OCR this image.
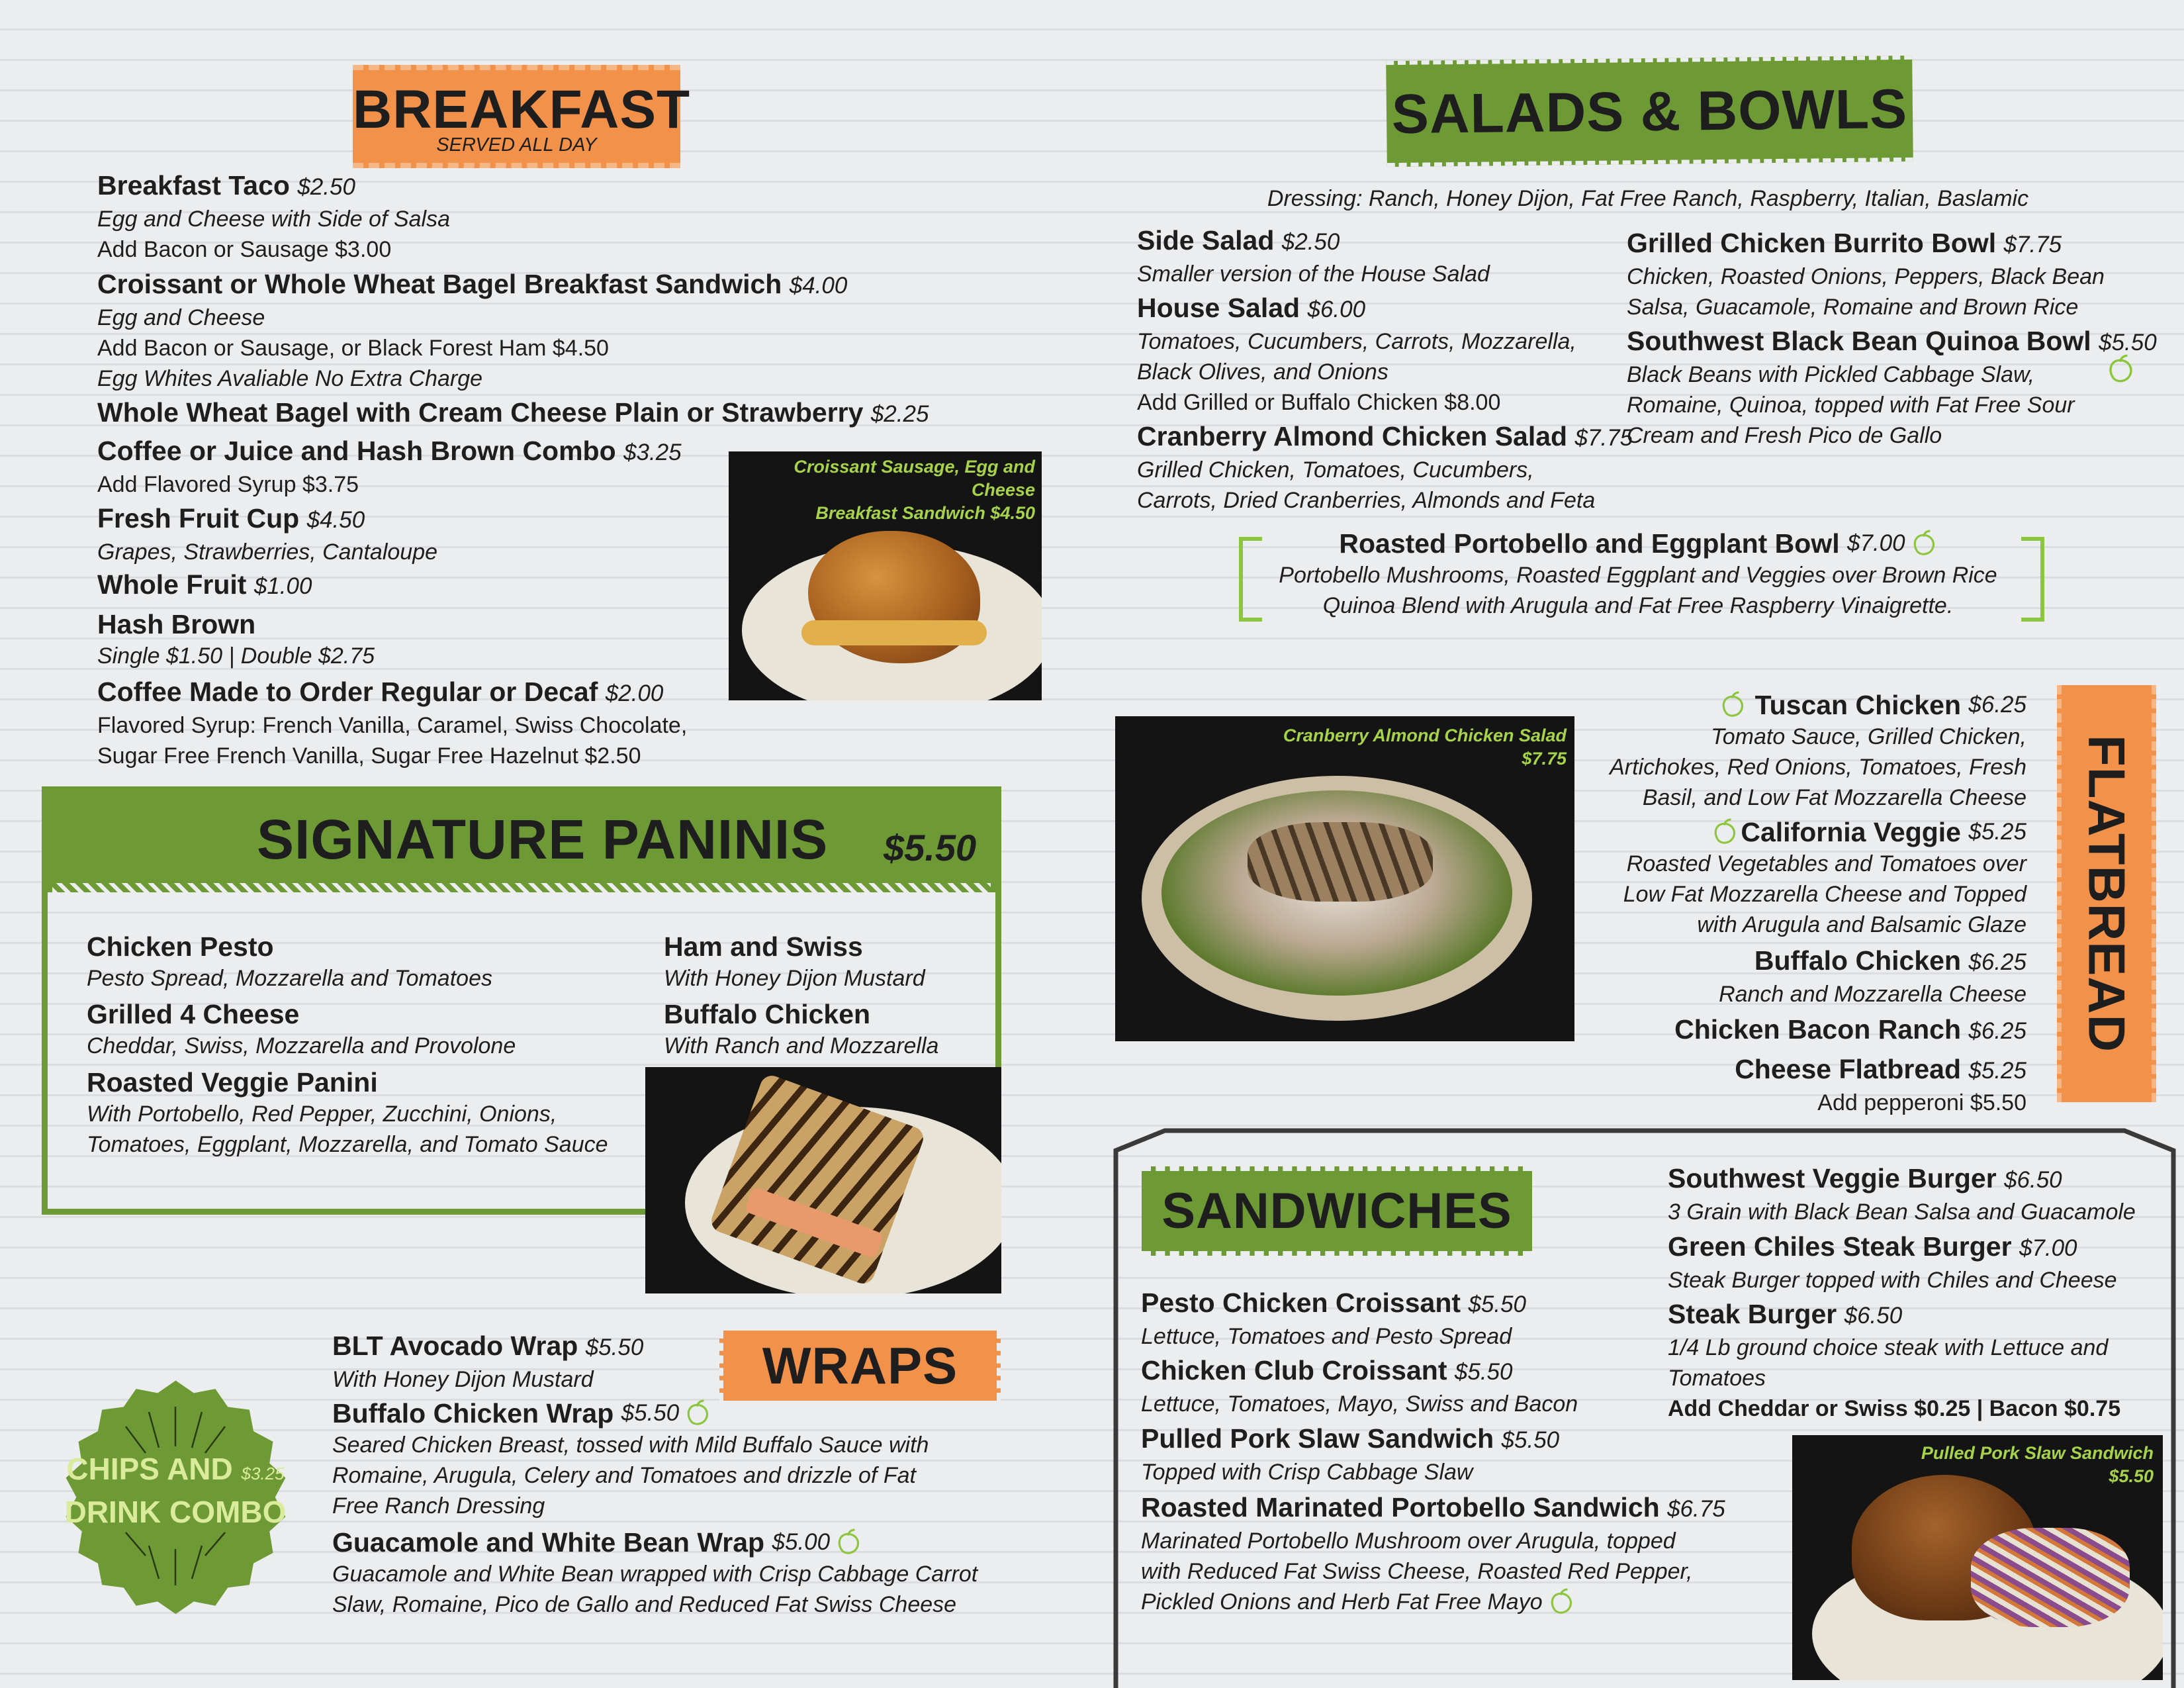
BREAKFAST
SERVED ALL DAY
Breakfast Taco $2.50
Egg and Cheese with Side of Salsa
Add Bacon or Sausage $3.00
Croissant or Whole Wheat Bagel Breakfast Sandwich $4.00
Egg and Cheese
Add Bacon or Sausage, or Black Forest Ham $4.50
Egg Whites Avaliable No Extra Charge
Whole Wheat Bagel with Cream Cheese Plain or Strawberry $2.25
Coffee or Juice and Hash Brown Combo $3.25
Add Flavored Syrup $3.75
Fresh Fruit Cup $4.50
Grapes, Strawberries, Cantaloupe
Whole Fruit $1.00
Hash Brown
Single $1.50 | Double $2.75
Coffee Made to Order Regular or Decaf $2.00
Flavored Syrup: French Vanilla, Caramel, Swiss Chocolate,
Sugar Free French Vanilla, Sugar Free Hazelnut $2.50
Croissant Sausage, Egg and Cheese
Breakfast Sandwich $4.50
SALADS & BOWLS
Dressing: Ranch, Honey Dijon, Fat Free Ranch, Raspberry, Italian, Baslamic
Side Salad $2.50
Smaller version of the House Salad
House Salad $6.00
Tomatoes, Cucumbers, Carrots, Mozzarella,
Black Olives, and Onions
Add Grilled or Buffalo Chicken $8.00
Cranberry Almond Chicken Salad $7.75
Grilled Chicken, Tomatoes, Cucumbers,
Carrots, Dried Cranberries, Almonds and Feta
Grilled Chicken Burrito Bowl $7.75
Chicken, Roasted Onions, Peppers, Black Bean
Salsa, Guacamole, Romaine and Brown Rice
Southwest Black Bean Quinoa Bowl $5.50
Black Beans with Pickled Cabbage Slaw,
Romaine, Quinoa, topped with Fat Free Sour
Cream and Fresh Pico de Gallo
Roasted Portobello and Eggplant Bowl
$7.00
Portobello Mushrooms, Roasted Eggplant and Veggies over Brown Rice
Quinoa Blend with Arugula and Fat Free Raspberry Vinaigrette.
Cranberry Almond Chicken Salad
$7.75
Tuscan Chicken
$6.25
Tomato Sauce, Grilled Chicken,
Artichokes, Red Onions, Tomatoes, Fresh
Basil, and Low Fat Mozzarella Cheese
California Veggie
$5.25
Roasted Vegetables and Tomatoes over
Low Fat Mozzarella Cheese and Topped
with Arugula and Balsamic Glaze
Buffalo Chicken $6.25
Ranch and Mozzarella Cheese
Chicken Bacon Ranch $6.25
Cheese Flatbread $5.25
Add pepperoni $5.50
FLATBREAD
SIGNATURE PANINIS $5.50
Chicken Pesto
Pesto Spread, Mozzarella and Tomatoes
Grilled 4 Cheese
Cheddar, Swiss, Mozzarella and Provolone
Roasted Veggie Panini
With Portobello, Red Pepper, Zucchini, Onions,
Tomatoes, Eggplant, Mozzarella, and Tomato Sauce
Ham and Swiss
With Honey Dijon Mustard
Buffalo Chicken
With Ranch and Mozzarella
CHIPS AND $3.25
DRINK COMBO
WRAPS
BLT Avocado Wrap $5.50
With Honey Dijon Mustard
Buffalo Chicken Wrap
$5.50
Seared Chicken Breast, tossed with Mild Buffalo Sauce with
Romaine, Arugula, Celery and Tomatoes and drizzle of Fat
Free Ranch Dressing
Guacamole and White Bean Wrap
$5.00
Guacamole and White Bean wrapped with Crisp Cabbage Carrot
Slaw, Romaine, Pico de Gallo and Reduced Fat Swiss Cheese
SANDWICHES
Pesto Chicken Croissant $5.50
Lettuce, Tomatoes and Pesto Spread
Chicken Club Croissant $5.50
Lettuce, Tomatoes, Mayo, Swiss and Bacon
Pulled Pork Slaw Sandwich $5.50
Topped with Crisp Cabbage Slaw
Roasted Marinated Portobello Sandwich $6.75
Marinated Portobello Mushroom over Arugula, topped
with Reduced Fat Swiss Cheese, Roasted Red Pepper,
Pickled Onions and Herb Fat Free Mayo
Southwest Veggie Burger $6.50
3 Grain with Black Bean Salsa and Guacamole
Green Chiles Steak Burger $7.00
Steak Burger topped with Chiles and Cheese
Steak Burger $6.50
1/4 Lb ground choice steak with Lettuce and
Tomatoes
Add Cheddar or Swiss $0.25 | Bacon $0.75
Pulled Pork Slaw Sandwich
$5.50
